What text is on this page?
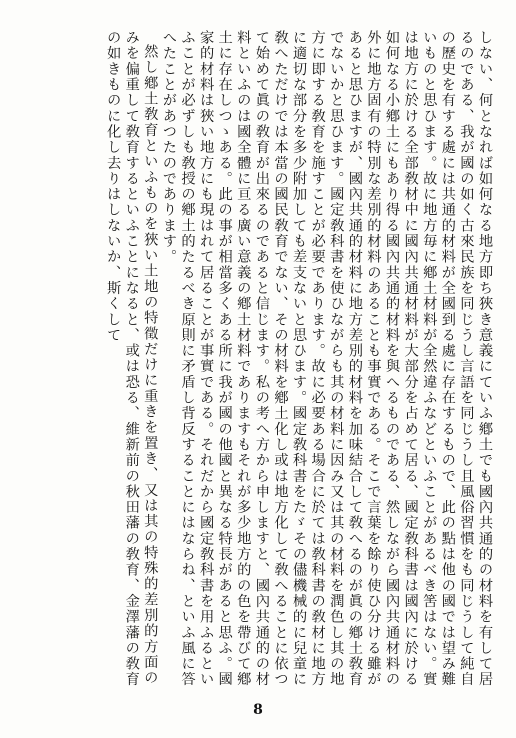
しない、何となれば如何なる地方即ち狹き意義にていふ鄕土でも國內共通的の材料を有して居るのである、我が國の如く古來民族を同じうし言語を同じうし且風俗習慣をも同じうして純自の歷史を有する處には共通的材料が全國到る處に存在するもので、此の點は他の國では望み難いものと思ひます。故に地方毎に鄕土材料が全然違ふなどといふことがあるべき筈はない。實は地方に於ける全部敎材中に國內共通材料が大部分を占めて居る、國定敎科書は國內に於ける如何なる小鄕土にもあり得る國內共通的材料を與へるものである、然しながら國內共通材料の外に地方固有の特別な差別的材料のあることも事實である。そこで言葉を餘り使ひ分ける雖があると思ひますが、國內共通的材料に地方差別的材料を加味結合して敎へるのが眞の鄕土敎育でないかと思ひます。國定敎科書を使ひながらも其の材料に因み又は其の材料を潤色し其の地方に即する敎育を施すことが必要であります。故に必要ある場合に於ては敎科書の敎材に地方に適切な部分を多少附加しても差支ないと思ひます。國定敎科書をたゞその儘機械的に兒童に敎へただけでは本當の國民敎育でない、その材料を鄕土化し或は地方化して敎へることに依つて始めて眞の敎育が出來るのであると信じます。私の考へ方から申しますと、國內共通的の材料といふのは國全體に亘る廣い意義の鄕土材料でありますもそれが多少地方的の色を帶びて鄕土に存在しつゝある。此の事が相當多くある所に我が國の他國と異なる特長があると思ふ。國家的材料は狹い地方にも現はれて居ることが事實である。それだから國定敎科書を用ふるといふことが必ずしも敎授の鄕土的たるべき原則に矛盾し背反することにはならね、といふ風に答へたことがあつたのであります。

然し鄕土敎育といふものを狹い土地の特徵だけに重きを置き、又は其の特殊的差別的方面のみを偏重して敎育するといふことになると、或は恐る、維新前の秋田藩の敎育、金澤藩の敎育の如きものに化し去りはしないか、斯くして

8
